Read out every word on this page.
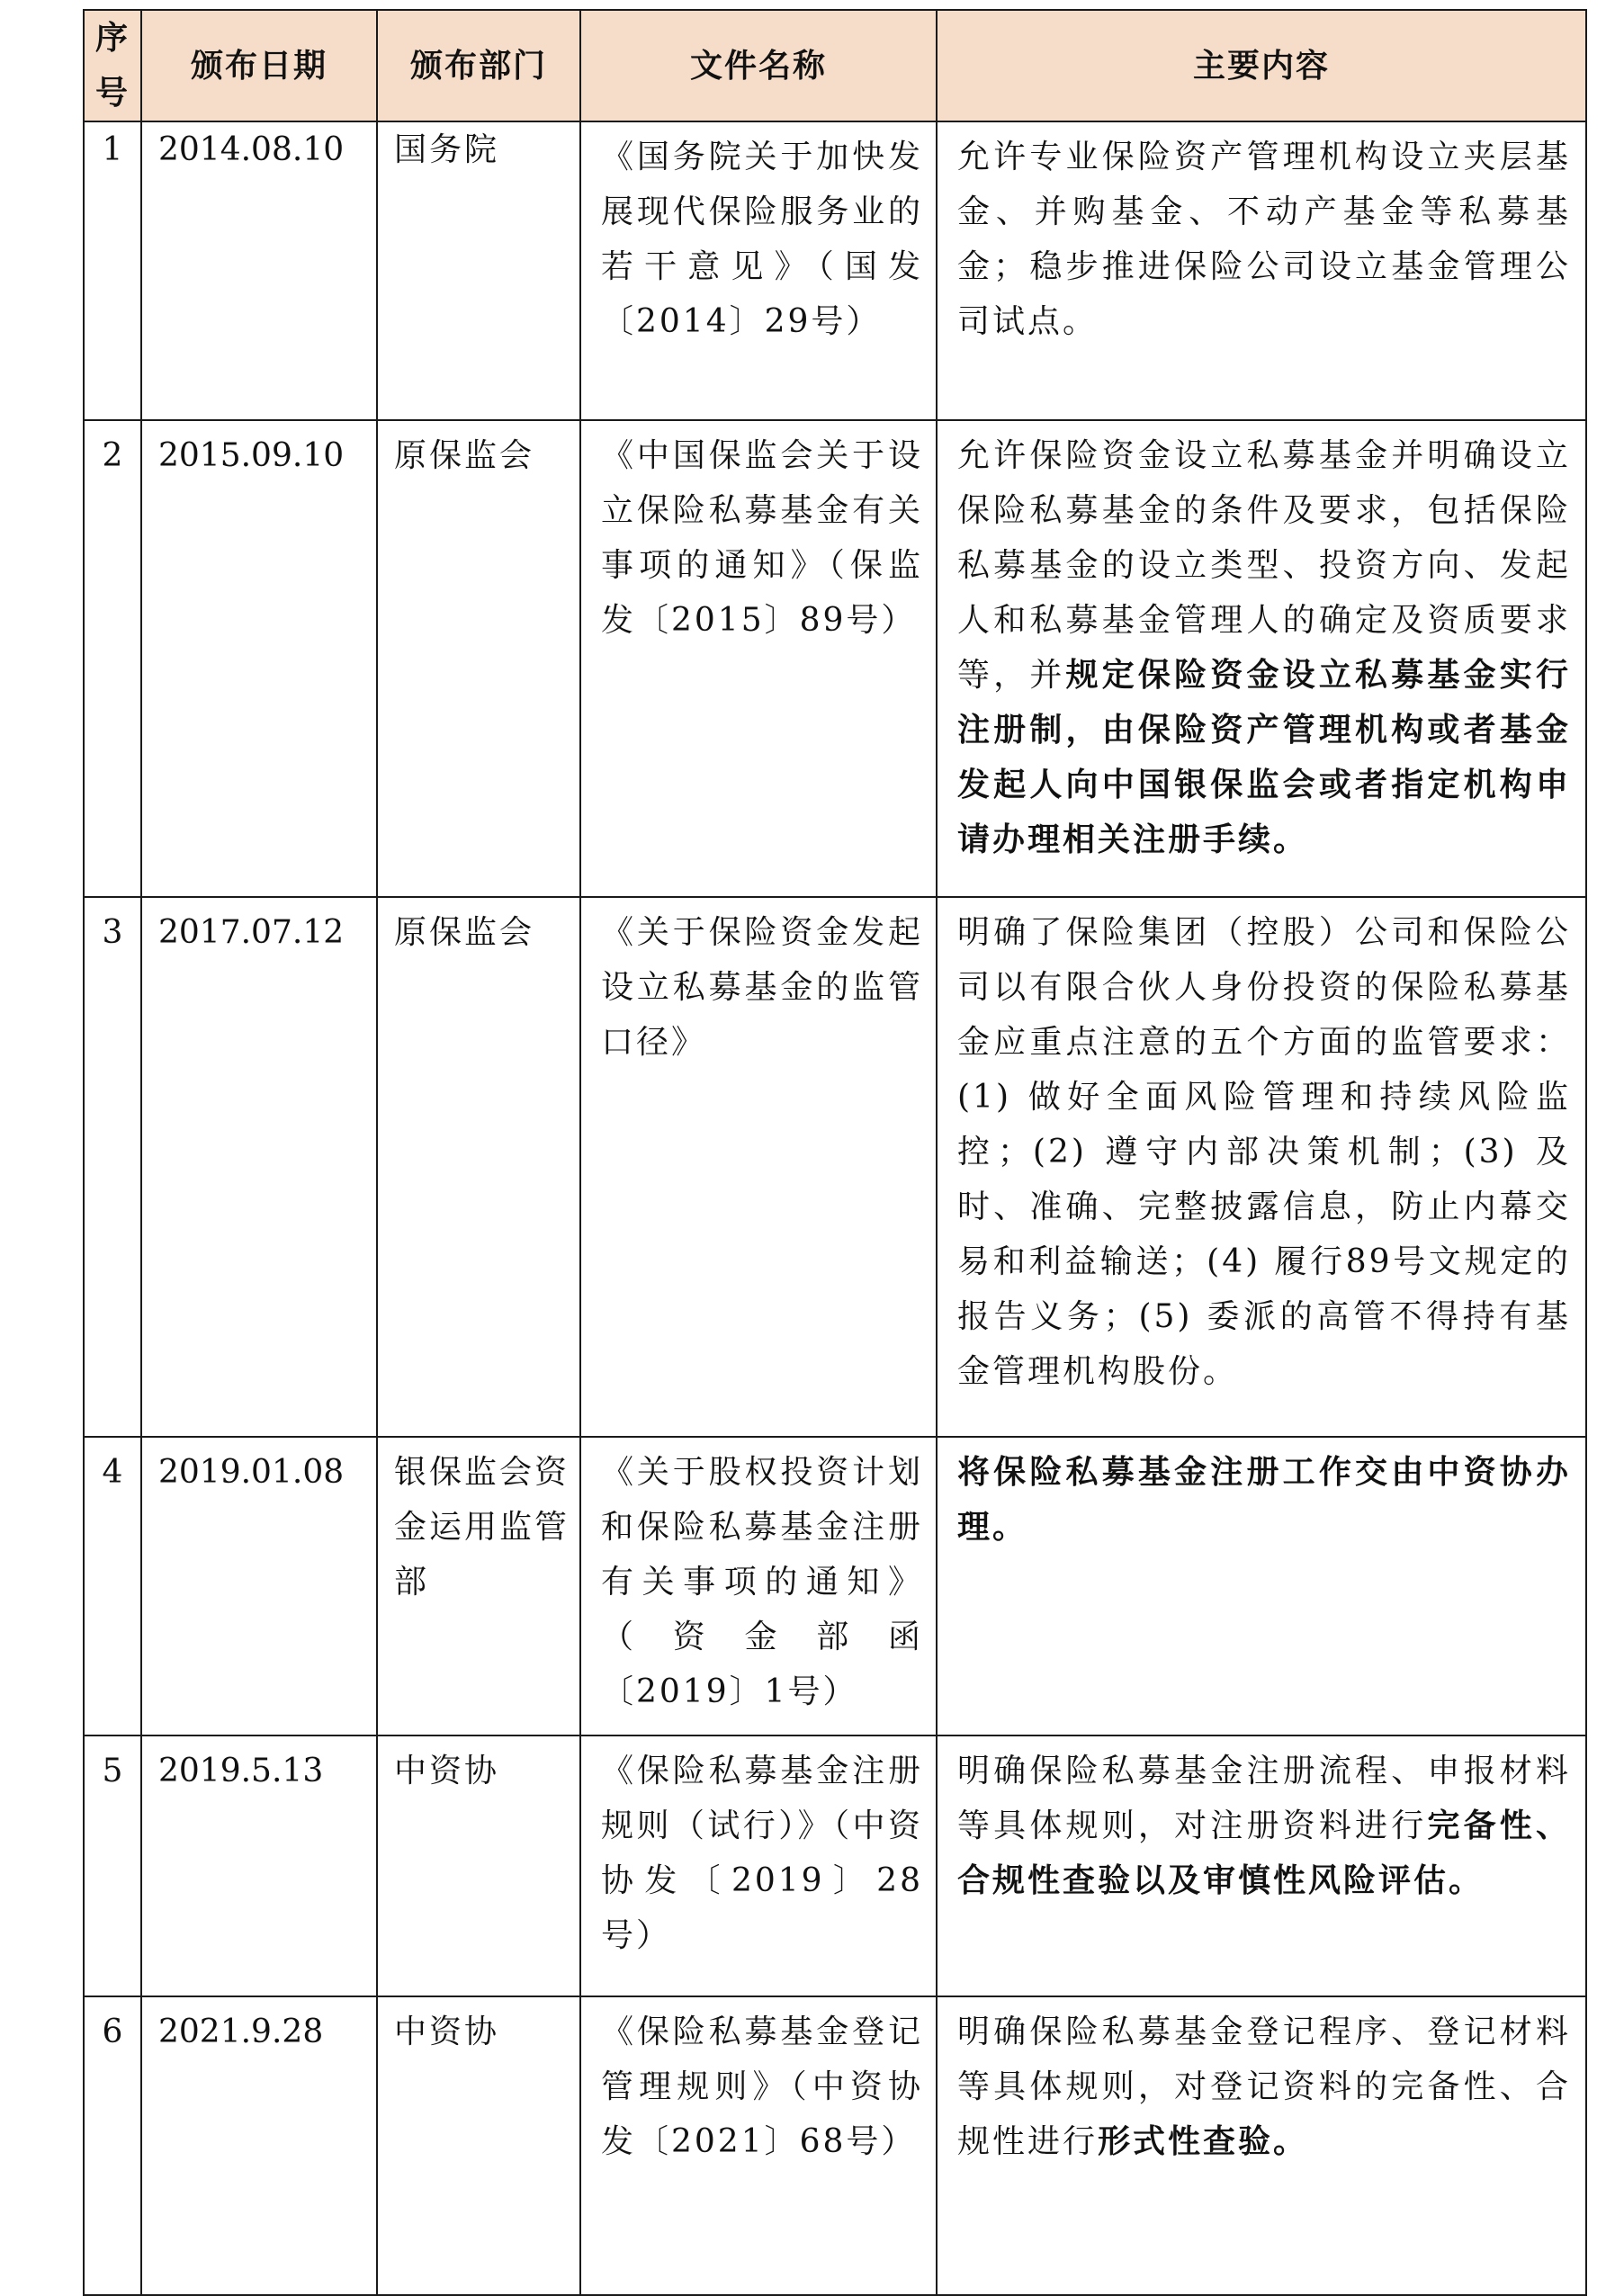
序号	颁布日期	颁布部门	文件名称	主要内容
1	2014.08.10	国务院	《国务院关于加快发展现代保险服务业的若干意见》（国发〔2014〕29号）	允许专业保险资产管理机构设立夹层基金、并购基金、不动产基金等私募基金；稳步推进保险公司设立基金管理公司试点。
2	2015.09.10	原保监会	《中国保监会关于设立保险私募基金有关事项的通知》（保监发〔2015〕89号）	允许保险资金设立私募基金并明确设立保险私募基金的条件及要求，包括保险私募基金的设立类型、投资方向、发起人和私募基金管理人的确定及资质要求等，并规定保险资金设立私募基金实行注册制，由保险资产管理机构或者基金发起人向中国银保监会或者指定机构申请办理相关注册手续。
3	2017.07.12	原保监会	《关于保险资金发起设立私募基金的监管口径》	明确了保险集团（控股）公司和保险公司以有限合伙人身份投资的保险私募基金应重点注意的五个方面的监管要求：(1) 做好全面风险管理和持续风险监控；(2) 遵守内部决策机制；(3) 及时、准确、完整披露信息，防止内幕交易和利益输送；(4) 履行89号文规定的报告义务；(5) 委派的高管不得持有基金管理机构股份。
4	2019.01.08	银保监会资金运用监管部	《关于股权投资计划和保险私募基金注册有关事项的通知》（资金部函〔2019〕1号）	将保险私募基金注册工作交由中资协办理。
5	2019.5.13	中资协	《保险私募基金注册规则（试行）》（中资协发〔2019〕28号）	明确保险私募基金注册流程、申报材料等具体规则，对注册资料进行完备性、合规性查验以及审慎性风险评估。
6	2021.9.28	中资协	《保险私募基金登记管理规则》（中资协发〔2021〕68号）	明确保险私募基金登记程序、登记材料等具体规则，对登记资料的完备性、合规性进行形式性查验。
